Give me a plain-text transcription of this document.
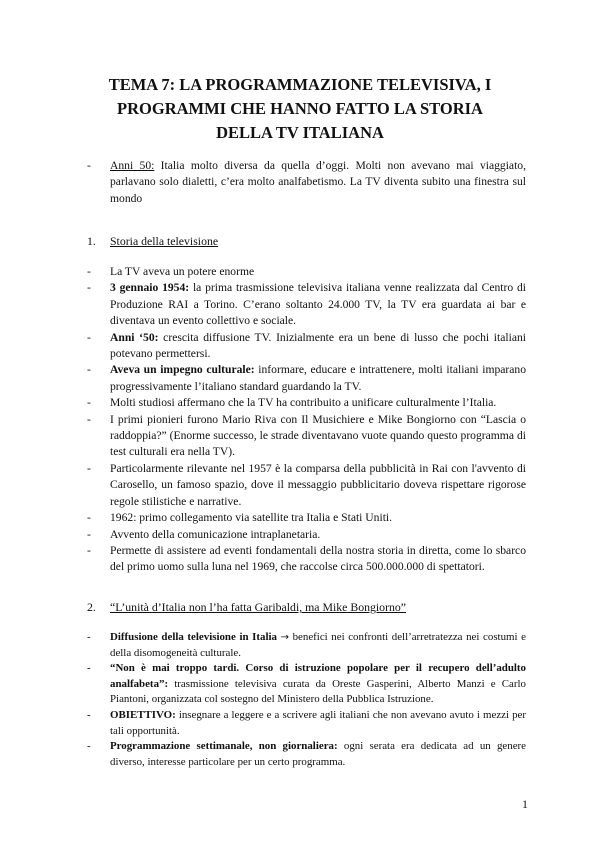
TEMA 7: LA PROGRAMMAZIONE TELEVISIVA, I
PROGRAMMI CHE HANNO FATTO LA STORIA
DELLA TV ITALIANA
- Anni 50: Italia molto diversa da quella d’oggi. Molti non avevano mai viaggiato, parlavano solo dialetti, c’era molto analfabetismo. La TV diventa subito una finestra sul mondo
1. Storia della televisione
- La TV aveva un potere enorme
- 3 gennaio 1954: la prima trasmissione televisiva italiana venne realizzata dal Centro di Produzione RAI a Torino. C’erano soltanto 24.000 TV, la TV era guardata ai bar e diventava un evento collettivo e sociale.
- Anni ‘50: crescita diffusione TV. Inizialmente era un bene di lusso che pochi italiani potevano permettersi.
- Aveva un impegno culturale: informare, educare e intrattenere, molti italiani imparano progressivamente l’italiano standard guardando la TV.
- Molti studiosi affermano che la TV ha contribuito a unificare culturalmente l’Italia.
- I primi pionieri furono Mario Riva con Il Musichiere e Mike Bongiorno con “Lascia o raddoppia?” (Enorme successo, le strade diventavano vuote quando questo programma di test culturali era nella TV).
- Particolarmente rilevante nel 1957 è la comparsa della pubblicità in Rai con l'avvento di Carosello, un famoso spazio, dove il messaggio pubblicitario doveva rispettare rigorose regole stilistiche e narrative.
- 1962: primo collegamento via satellite tra Italia e Stati Uniti.
- Avvento della comunicazione intraplanetaria.
- Permette di assistere ad eventi fondamentali della nostra storia in diretta, come lo sbarco del primo uomo sulla luna nel 1969, che raccolse circa 500.000.000 di spettatori.
2. “L’unità d’Italia non l’ha fatta Garibaldi, ma Mike Bongiorno”
- Diffusione della televisione in Italia → benefici nei confronti dell’arretratezza nei costumi e della disomogeneità culturale.
- “Non è mai troppo tardi. Corso di istruzione popolare per il recupero dell’adulto analfabeta”: trasmissione televisiva curata da Oreste Gasperini, Alberto Manzi e Carlo Piantoni, organizzata col sostegno del Ministero della Pubblica Istruzione.
- OBIETTIVO: insegnare a leggere e a scrivere agli italiani che non avevano avuto i mezzi per tali opportunità.
- Programmazione settimanale, non giornaliera: ogni serata era dedicata ad un genere diverso, interesse particolare per un certo programma.
1
